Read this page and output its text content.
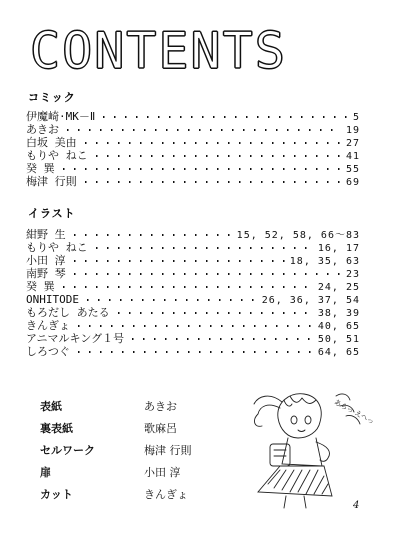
CONTENTS
コミック
伊魔崎·MK－Ⅱ	5
あきお	19
白坂 美由	27
もりや ねこ	41
癸 巽	55
梅津 行則	69
イラスト
紺野 生	15, 52, 58, 66～83
もりや ねこ	16, 17
小田 淳	18, 35, 63
南野 琴	23
癸 巽	24, 25
ONHITODE	26, 36, 37, 54
もろだし あたる	38, 39
きんぎょ	40, 65
アニマルキング１号	50, 51
しろつぐ	64, 65
表紙	あきお
裏表紙	歌麻呂
セルワーク	梅津 行則
扉	小田 淳
カット	きんぎょ
あらっ えへっ
4
